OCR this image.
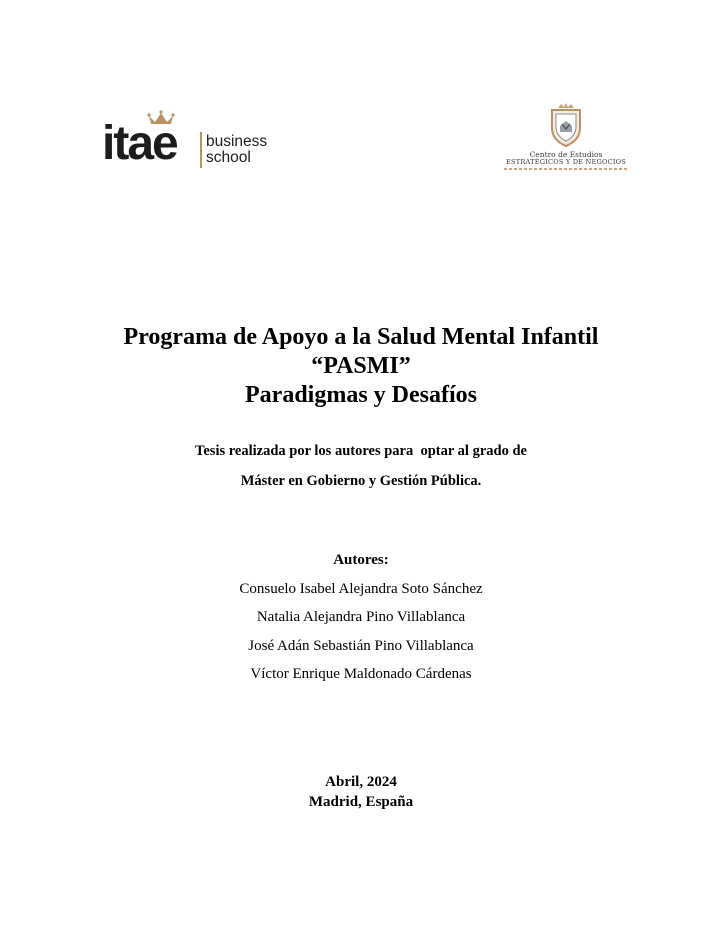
itae business
school	Centro de Estudios
ESTRATÉGICOS Y DE NEGOCIOS
Programa de Apoyo a la Salud Mental Infantil
“PASMI”
Paradigmas y Desafíos
Tesis realizada por los autores para  optar al grado de
Máster en Gobierno y Gestión Pública.
Autores:
Consuelo Isabel Alejandra Soto Sánchez
Natalia Alejandra Pino Villablanca
José Adán Sebastián Pino Villablanca
Víctor Enrique Maldonado Cárdenas
Abril, 2024
Madrid, España
